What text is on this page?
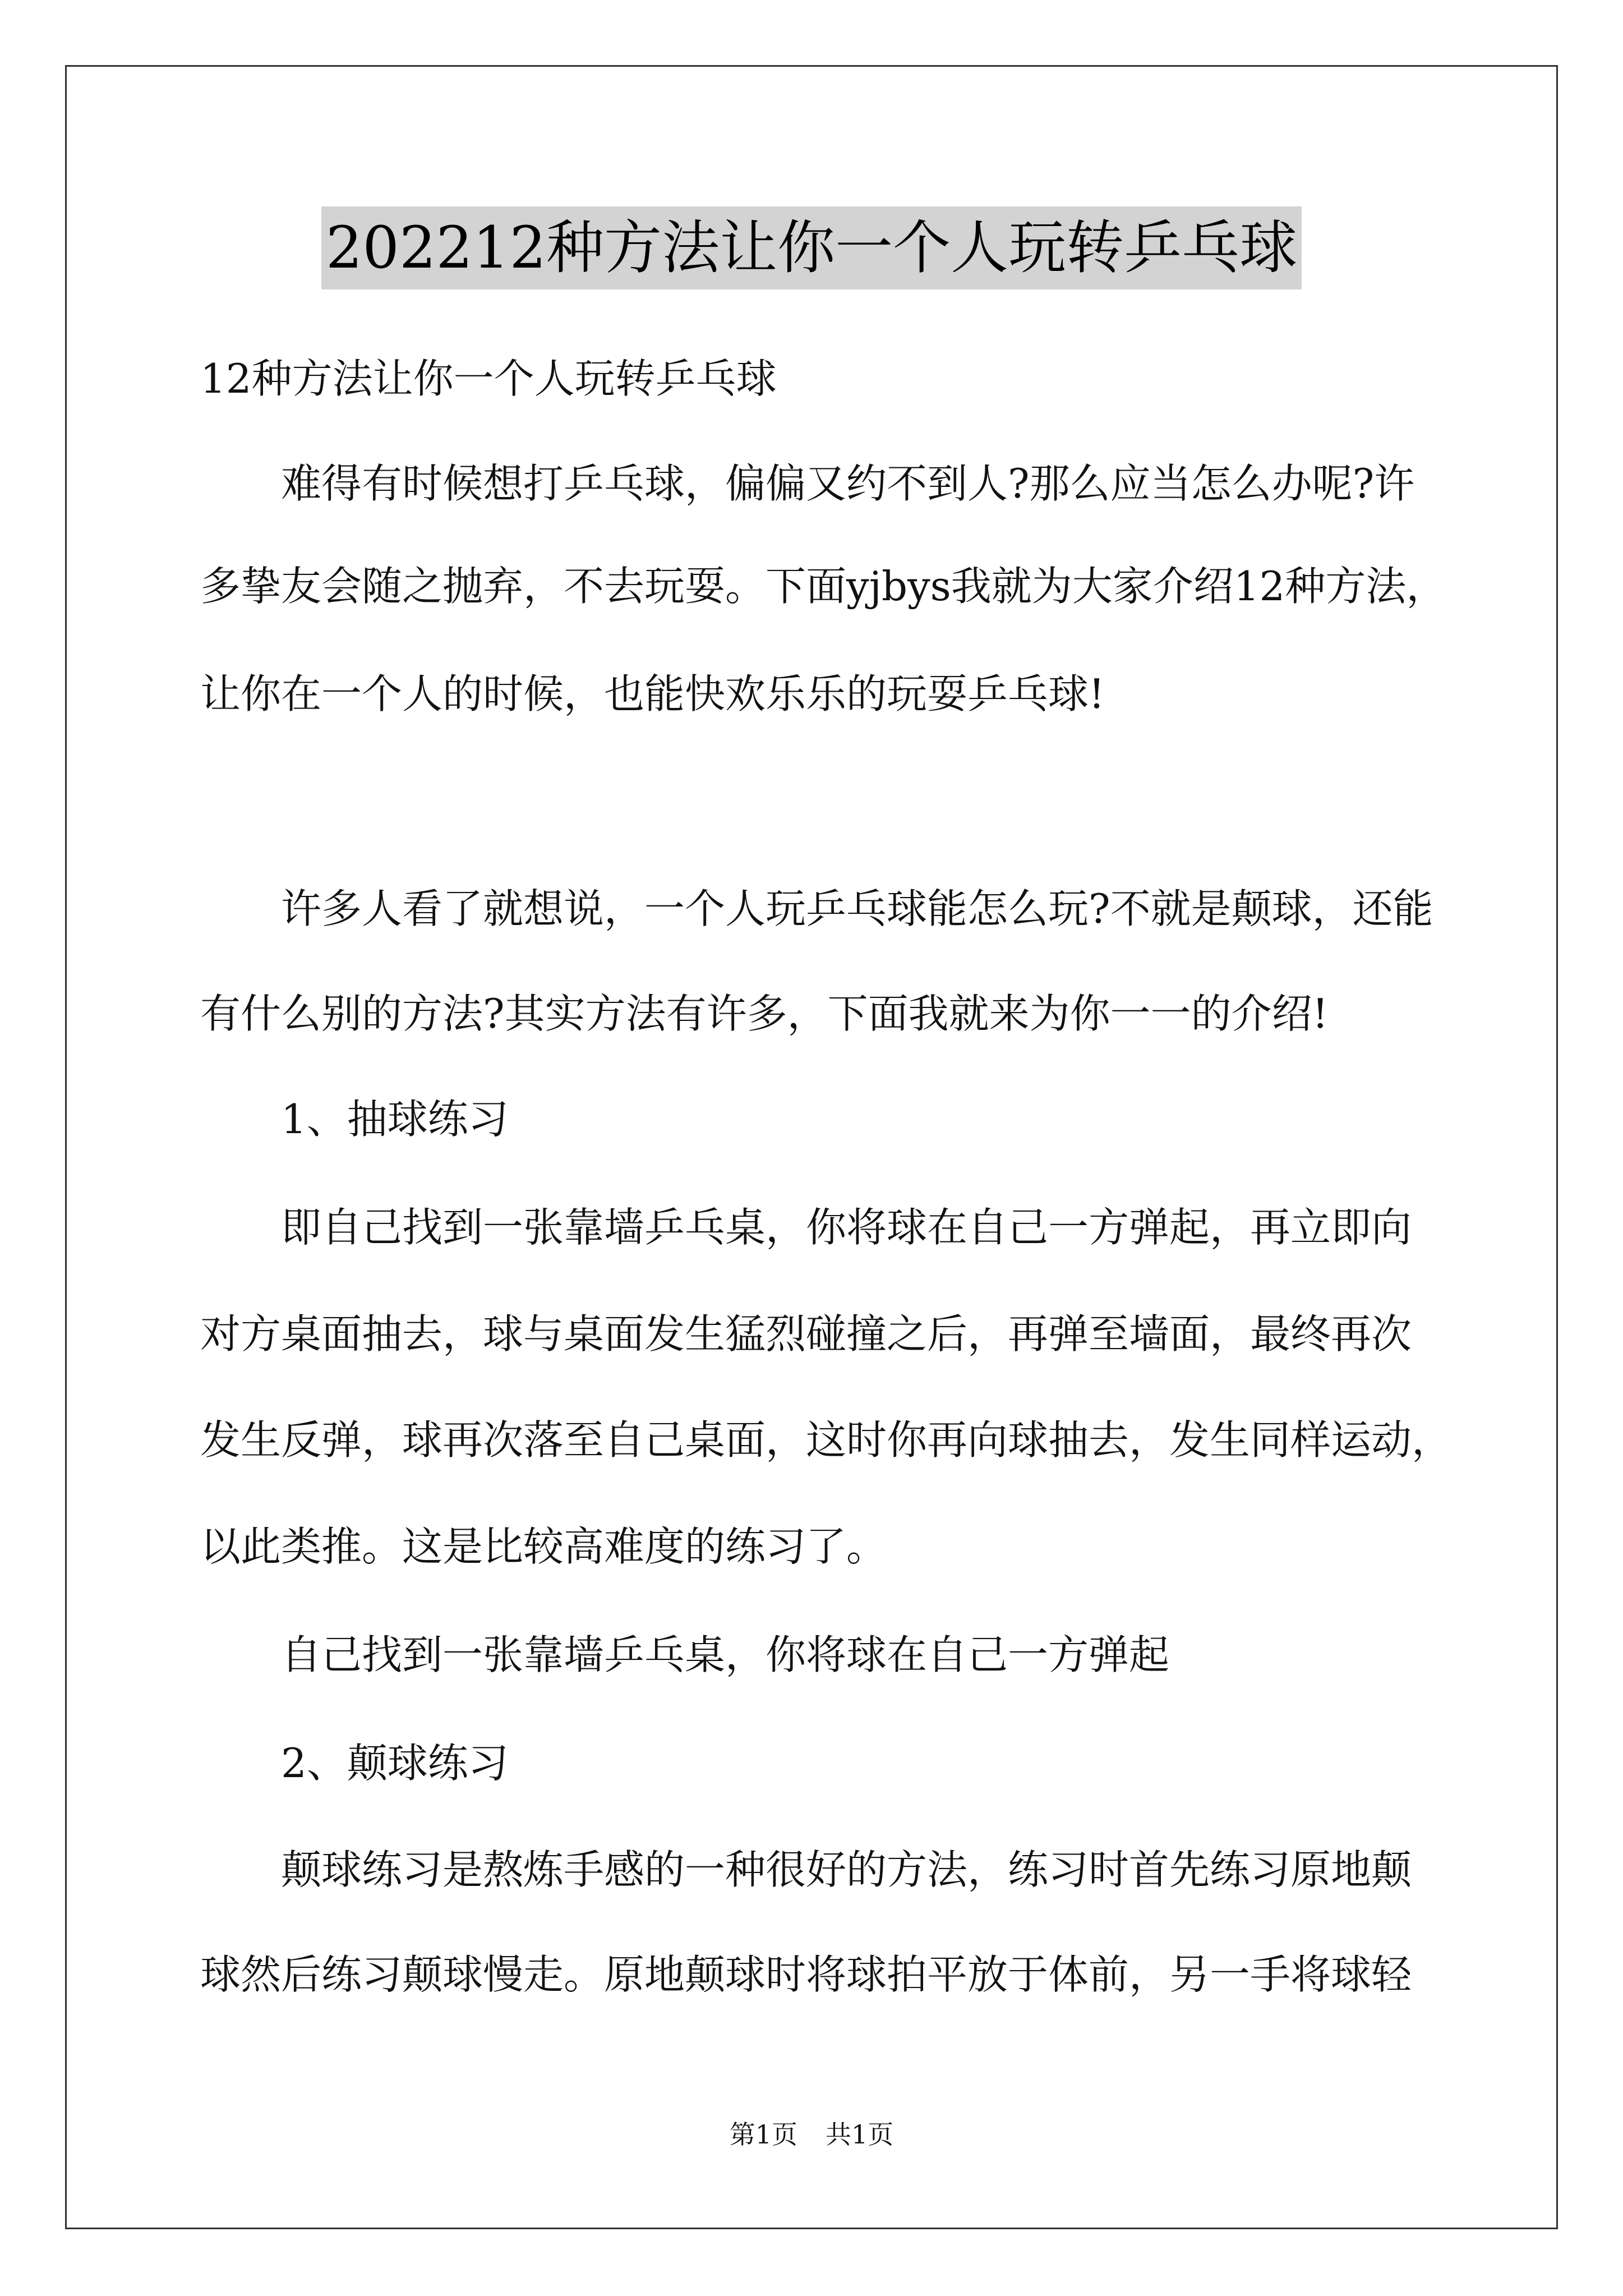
202212种方法让你一个人玩转乒乓球
12种方法让你一个人玩转乒乓球
难得有时候想打乒乓球，偏偏又约不到人?那么应当怎么办呢?许
多挚友会随之抛弃，不去玩耍。下面yjbys我就为大家介绍12种方法，
让你在一个人的时候，也能快欢乐乐的玩耍乒乓球!
许多人看了就想说，一个人玩乒乓球能怎么玩?不就是颠球，还能
有什么别的方法?其实方法有许多，下面我就来为你一一的介绍!
1、抽球练习
即自己找到一张靠墙乒乓桌，你将球在自己一方弹起，再立即向
对方桌面抽去，球与桌面发生猛烈碰撞之后，再弹至墙面，最终再次
发生反弹，球再次落至自己桌面，这时你再向球抽去，发生同样运动，
以此类推。这是比较高难度的练习了。
自己找到一张靠墙乒乓桌，你将球在自己一方弹起
2、颠球练习
颠球练习是熬炼手感的一种很好的方法，练习时首先练习原地颠
球然后练习颠球慢走。原地颠球时将球拍平放于体前，另一手将球轻
第1页 共1页
